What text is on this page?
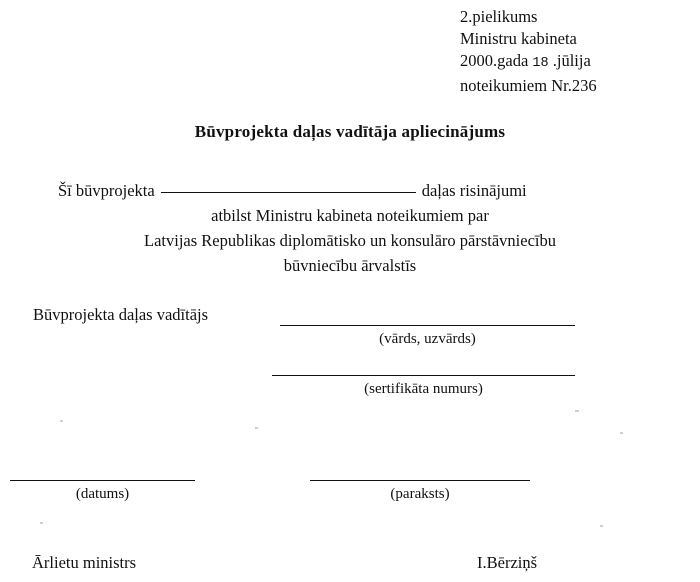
2.pielikums
Ministru kabineta
2000.gada 18 .jūlija
noteikumiem Nr.236
Būvprojekta daļas vadītāja apliecinājums
Šī būvprojekta	daļas risinājumi
atbilst Ministru kabineta noteikumiem par
Latvijas Republikas diplomātisko un konsulāro pārstāvniecību
būvniecību ārvalstīs
Būvprojekta daļas vadītājs
(vārds, uzvārds)
(sertifikāta numurs)
(datums)	(paraksts)
Ārlietu ministrs	I.Bērziņš
